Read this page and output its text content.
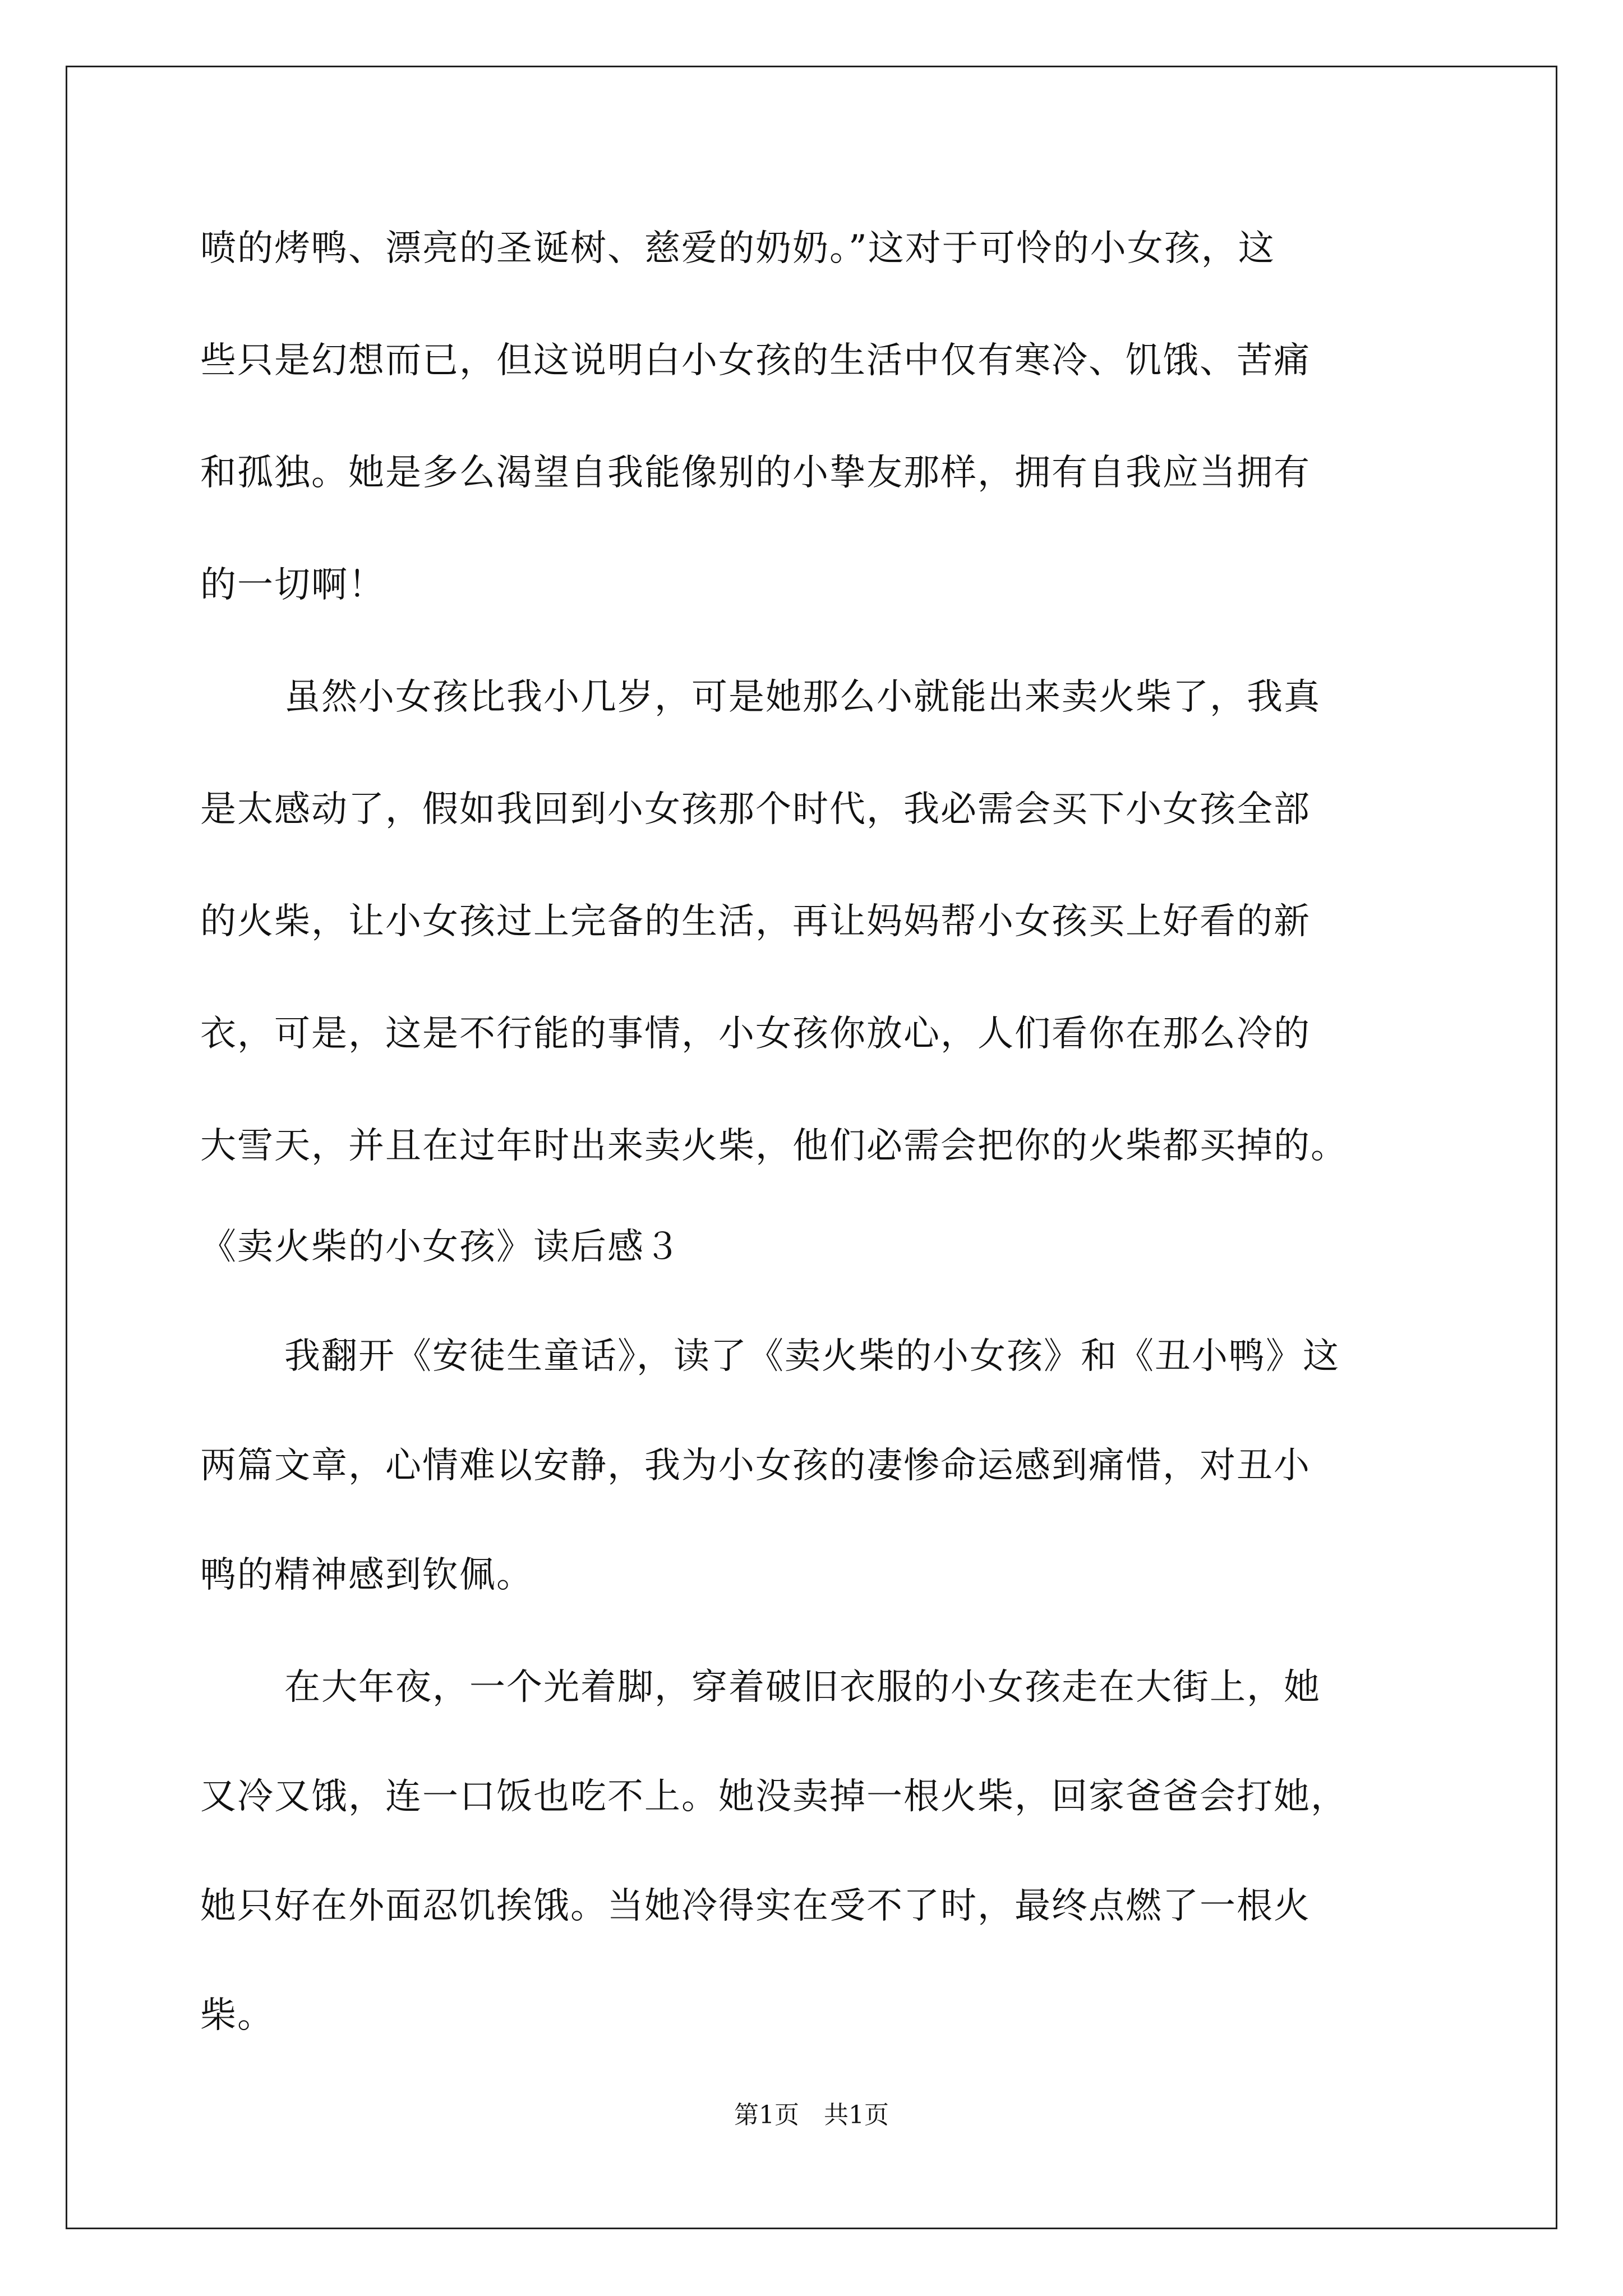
喷的烤鸭、漂亮的圣诞树、慈爱的奶奶。”这对于可怜的小女孩，这
些只是幻想而已，但这说明白小女孩的生活中仅有寒冷、饥饿、苦痛
和孤独。她是多么渴望自我能像别的小挚友那样，拥有自我应当拥有
的一切啊！
虽然小女孩比我小几岁，可是她那么小就能出来卖火柴了，我真
是太感动了，假如我回到小女孩那个时代，我必需会买下小女孩全部
的火柴，让小女孩过上完备的生活，再让妈妈帮小女孩买上好看的新
衣，可是，这是不行能的事情，小女孩你放心，人们看你在那么冷的
大雪天，并且在过年时出来卖火柴，他们必需会把你的火柴都买掉的。
《卖火柴的小女孩》读后感３
我翻开《安徒生童话》，读了《卖火柴的小女孩》和《丑小鸭》这
两篇文章，心情难以安静，我为小女孩的凄惨命运感到痛惜，对丑小
鸭的精神感到钦佩。
在大年夜，一个光着脚，穿着破旧衣服的小女孩走在大街上，她
又冷又饿，连一口饭也吃不上。她没卖掉一根火柴，回家爸爸会打她，
她只好在外面忍饥挨饿。当她冷得实在受不了时，最终点燃了一根火
柴。
第1页　共1页
